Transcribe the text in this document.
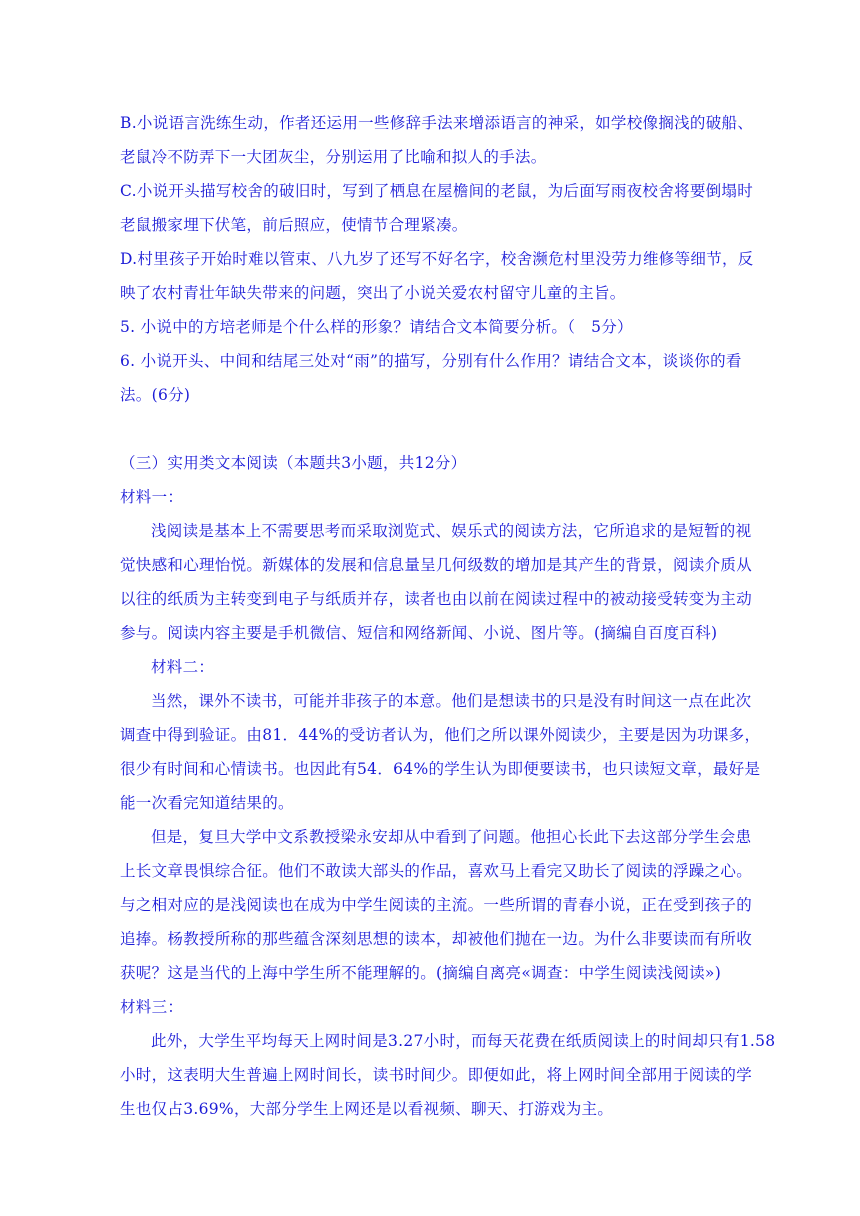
B.小说语言洗练生动，作者还运用一些修辞手法来增添语言的神采，如学校像搁浅的破船、
老鼠冷不防弄下一大团灰尘，分别运用了比喻和拟人的手法。
C.小说开头描写校舍的破旧时，写到了栖息在屋檐间的老鼠，为后面写雨夜校舍将要倒塌时
老鼠搬家埋下伏笔，前后照应，使情节合理紧凑。
D.村里孩子开始时难以管束、八九岁了还写不好名字，校舍濒危村里没劳力维修等细节，反
映了农村青壮年缺失带来的问题，突出了小说关爱农村留守儿童的主旨。
5. 小说中的方培老师是个什么样的形象？请结合文本简要分析。（　5分）
6. 小说开头、中间和结尾三处对“雨”的描写，分别有什么作用？请结合文本，谈谈你的看
法。(6分)
（三）实用类文本阅读（本题共3小题，共12分）
材料一：
浅阅读是基本上不需要思考而采取浏览式、娱乐式的阅读方法，它所追求的是短暂的视
觉快感和心理怡悦。新媒体的发展和信息量呈几何级数的增加是其产生的背景，阅读介质从
以往的纸质为主转变到电子与纸质并存，读者也由以前在阅读过程中的被动接受转变为主动
参与。阅读内容主要是手机微信、短信和网络新闻、小说、图片等。(摘编自百度百科)
材料二：
当然，课外不读书，可能并非孩子的本意。他们是想读书的只是没有时间这一点在此次
调查中得到验证。由81．44%的受访者认为，他们之所以课外阅读少，主要是因为功课多，
很少有时间和心情读书。也因此有54．64%的学生认为即便要读书，也只读短文章，最好是
能一次看完知道结果的。
但是，复旦大学中文系教授梁永安却从中看到了问题。他担心长此下去这部分学生会患
上长文章畏惧综合征。他们不敢读大部头的作品，喜欢马上看完又助长了阅读的浮躁之心。
与之相对应的是浅阅读也在成为中学生阅读的主流。一些所谓的青春小说，正在受到孩子的
追捧。杨教授所称的那些蕴含深刻思想的读本，却被他们抛在一边。为什么非要读而有所收
获呢？这是当代的上海中学生所不能理解的。(摘编自离亮«调查：中学生阅读浅阅读»)
材料三：
此外，大学生平均每天上网时间是3.27小时，而每天花费在纸质阅读上的时间却只有1.58
小时，这表明大生普遍上网时间长，读书时间少。即便如此，将上网时间全部用于阅读的学
生也仅占3.69%，大部分学生上网还是以看视频、聊天、打游戏为主。
